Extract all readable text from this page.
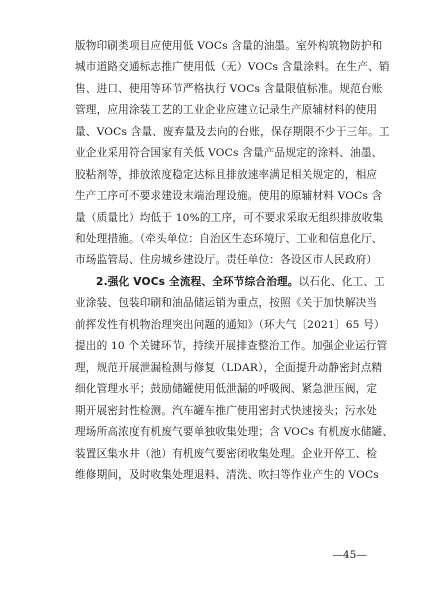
版物印刷类项目应使用低 VOCs 含量的油墨。室外构筑物防护和
城市道路交通标志推广使用低（无）VOCs 含量涂料。在生产、销
售、进口、使用等环节严格执行 VOCs 含量限值标准。规范台账
管理，应用涂装工艺的工业企业应建立记录生产原辅材料的使用
量、VOCs 含量、废弃量及去向的台账，保存期限不少于三年。工
业企业采用符合国家有关低 VOCs 含量产品规定的涂料、油墨、
胶粘剂等，排放浓度稳定达标且排放速率满足相关规定的，相应
生产工序可不要求建设末端治理设施。使用的原辅材料 VOCs 含
量（质量比）均低于 10%的工序，可不要求采取无组织排放收集
和处理措施。（牵头单位：自治区生态环境厅、工业和信息化厅、
市场监管局、住房城乡建设厅。责任单位：各设区市人民政府）
2.强化 VOCs 全流程、全环节综合治理。以石化、化工、工
业涂装、包装印刷和油品储运销为重点，按照《关于加快解决当
前挥发性有机物治理突出问题的通知》（环大气〔2021〕65 号）
提出的 10 个关键环节，持续开展排查整治工作。加强企业运行管
理，规范开展泄漏检测与修复（LDAR），全面提升动静密封点精
细化管理水平；鼓励储罐使用低泄漏的呼吸阀、紧急泄压阀，定
期开展密封性检测。汽车罐车推广使用密封式快速接头；污水处
理场所高浓度有机废气要单独收集处理；含 VOCs 有机废水储罐、
装置区集水井（池）有机废气要密闭收集处理。企业开停工、检
维修期间，及时收集处理退料、清洗、吹扫等作业产生的 VOCs
—45—
